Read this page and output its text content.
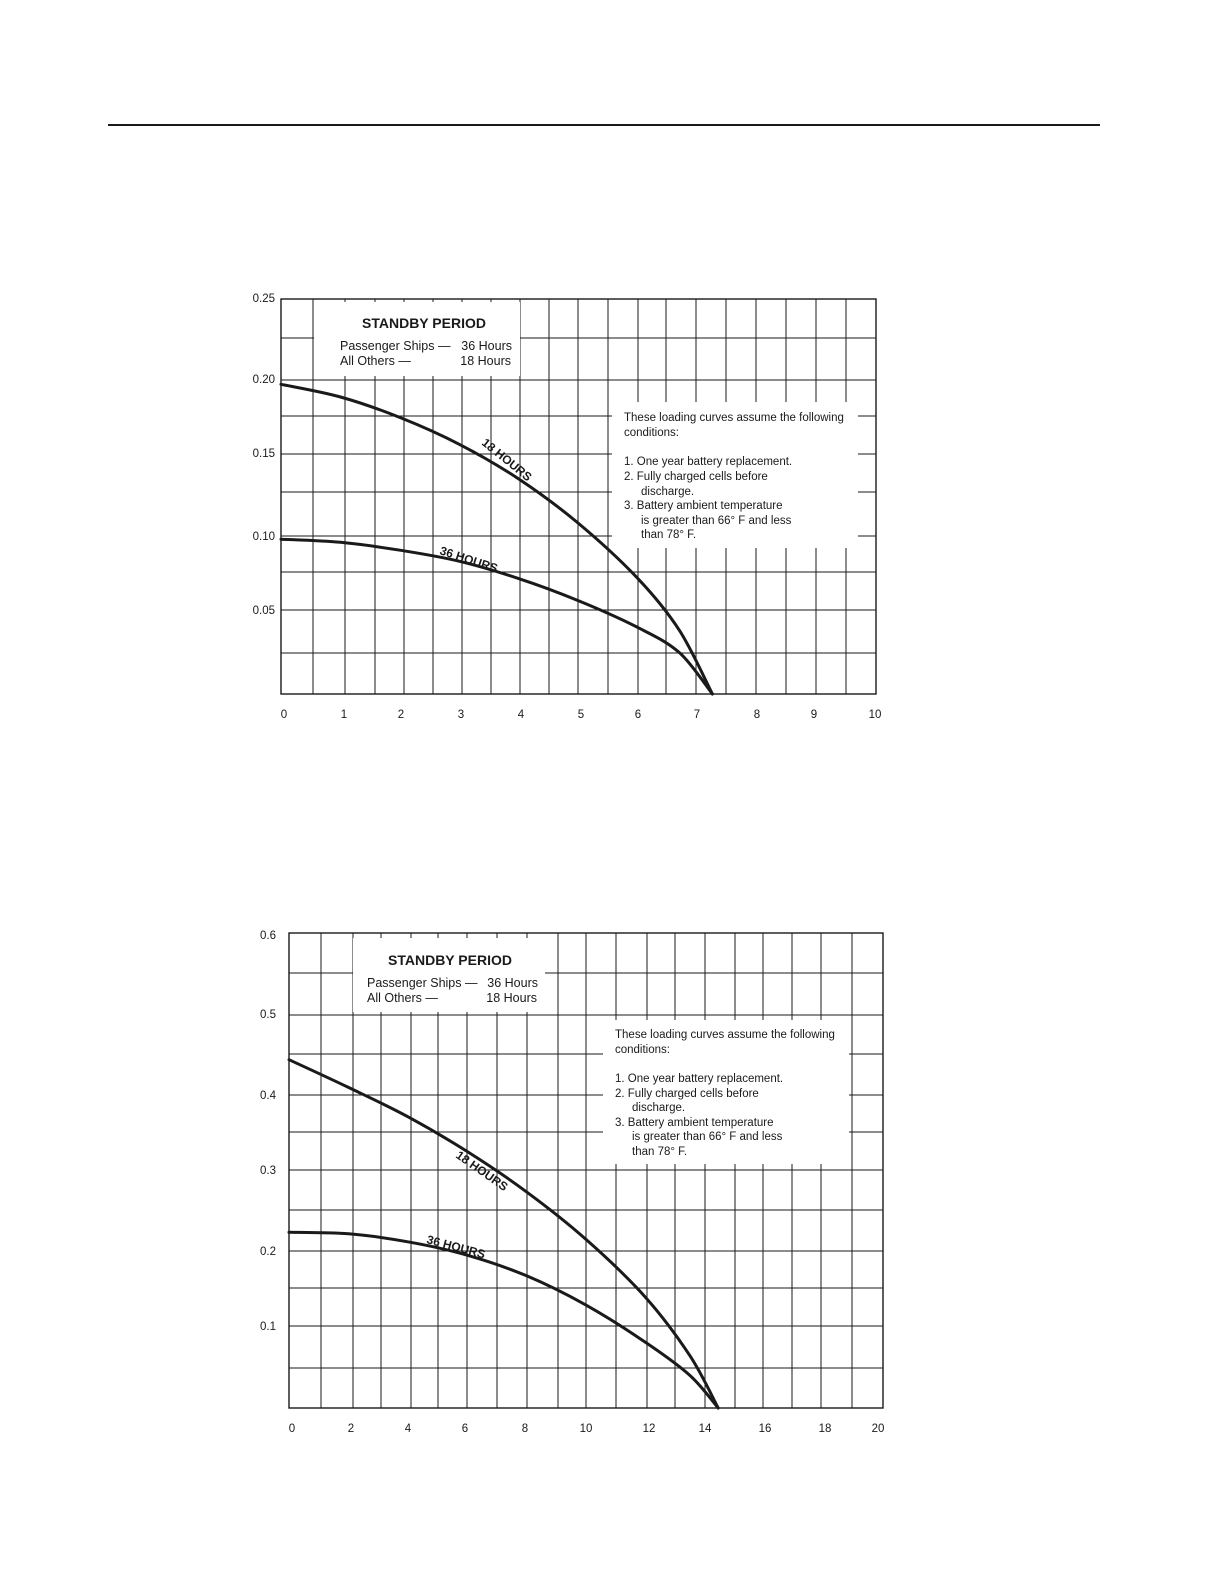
STANDBY PERIOD
Passenger Ships — 36 Hours
All Others —	18 Hours
These loading curves assume the following
conditions:
1. One year battery replacement.
2. Fully charged cells before
discharge.
3. Battery ambient temperature
is greater than 66° F and less
than 78° F.
18 HOURS
36 HOURS
0.25
0.20
0.15
0.10
0.05
0	1	2	3	4	5	6	7	8	9	10
STANDBY PERIOD
Passenger Ships — 36 Hours
All Others —	18 Hours
These loading curves assume the following
conditions:
1. One year battery replacement.
2. Fully charged cells before
discharge.
3. Battery ambient temperature
is greater than 66° F and less
than 78° F.
18 HOURS
36 HOURS
0.6
0.5
0.4
0.3
0.2
0.1
0	2	4	6	8	10	12	14	16	18	20
